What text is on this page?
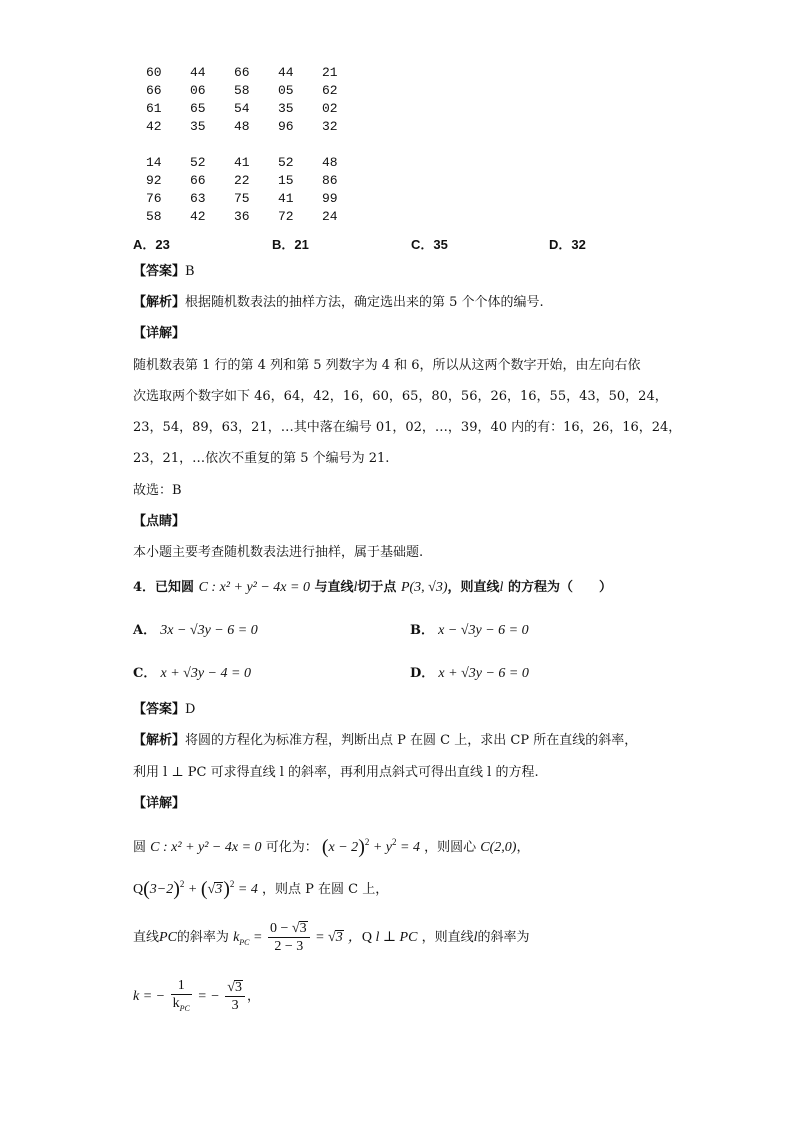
60 44 66 44 21
66 06 58 05 62
61 65 54 35 02
42 35 48 96 32
14 52 41 52 48
92 66 22 15 86
76 63 75 41 99
58 42 36 72 24
A．23	B．21	C．35	D．32
【答案】B
【解析】根据随机数表法的抽样方法，确定选出来的第 5 个个体的编号.
【详解】
随机数表第 1 行的第 4 列和第 5 列数字为 4 和 6，所以从这两个数字开始，由左向右依
次选取两个数字如下 46，64，42，16，60，65，80，56，26，16，55，43，50，24，
23，54，89，63，21，…其中落在编号 01，02，…，39，40 内的有：16，26，16，24，
23，21，…依次不重复的第 5 个编号为 21.
故选：B
【点睛】
本小题主要考查随机数表法进行抽样，属于基础题.
4．已知圆 C : x² + y² − 4x = 0 与直线l切于点 P(3, √3)，则直线l 的方程为（　　）
A． 3x − √3y − 6 = 0	B． x − √3y − 6 = 0
C． x + √3y − 4 = 0	D． x + √3y − 6 = 0
【答案】D
【解析】将圆的方程化为标准方程，判断出点 P 在圆 C 上，求出 CP 所在直线的斜率，
利用 l ⊥ PC 可求得直线 l 的斜率，再利用点斜式可得出直线 l 的方程.
【详解】
圆 C : x² + y² − 4x = 0 可化为： $(x - 2)^2 + y^2 = 4$ ，则圆心 C(2,0)，
$Q(3-2)^2 + (√3)^2 = 4$ ，则点 P 在圆 C 上，
直线PC的斜率为 $k_{PC} = \frac{0 - √3}{2 - 3} = √3$ ，Q l ⊥ PC ，则直线l的斜率为
k = − $\frac{1}{k_{PC}}$ = − $\frac{√3}{3}$ ，
